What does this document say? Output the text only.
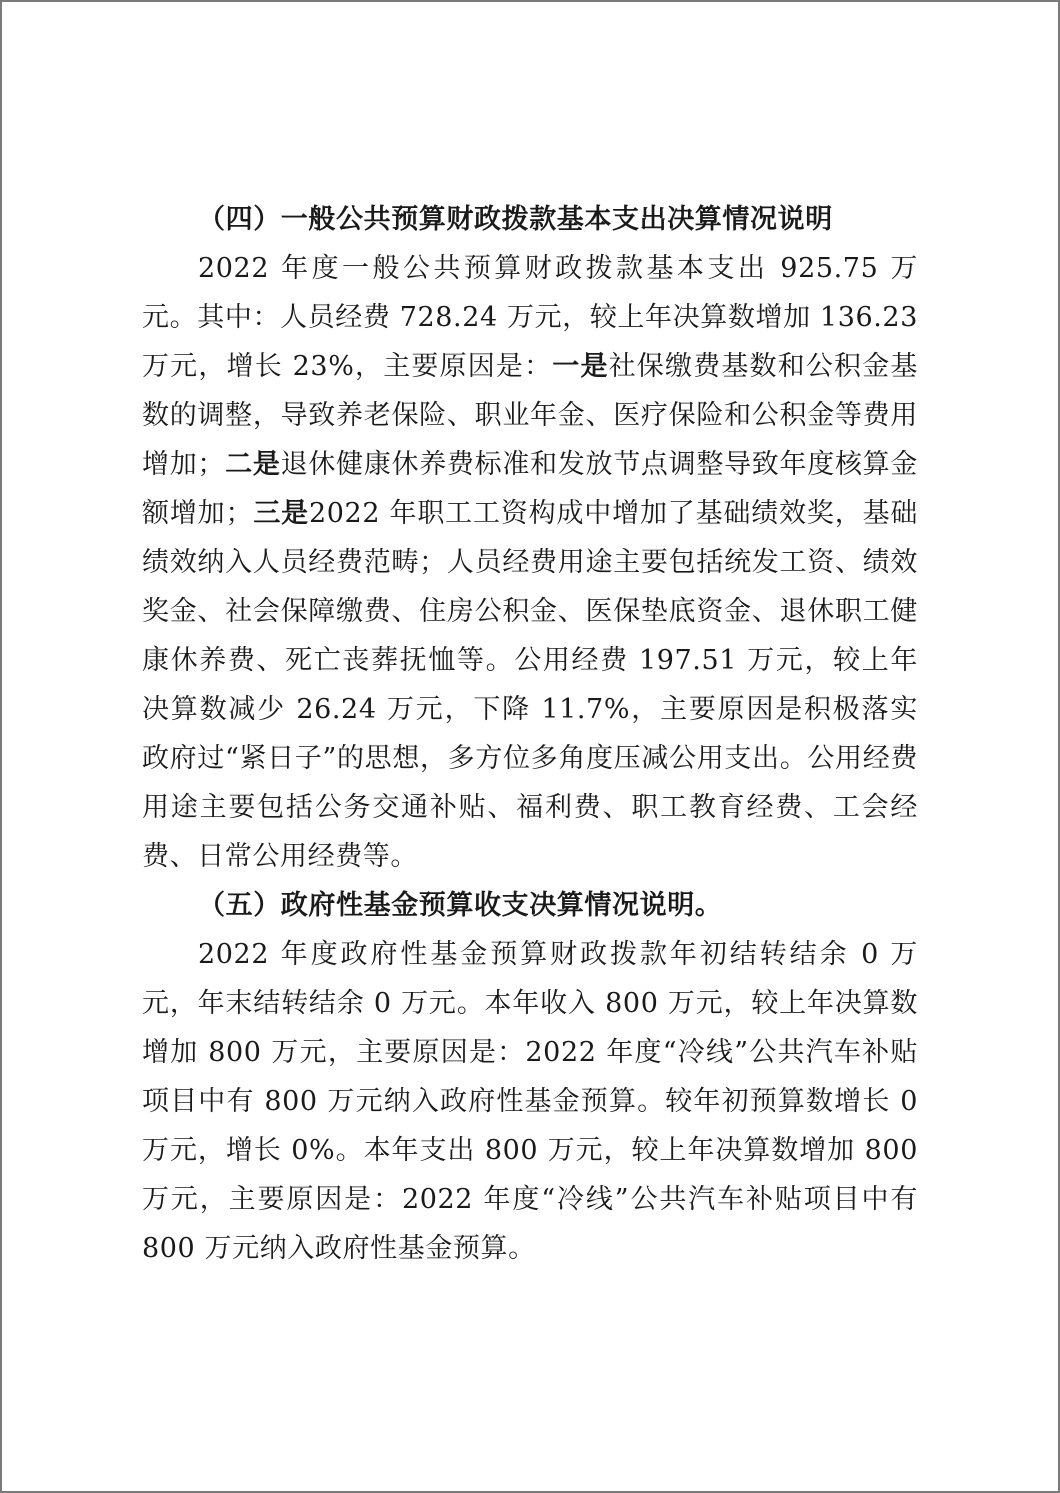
（四）一般公共预算财政拨款基本支出决算情况说明

2022 年度一般公共预算财政拨款基本支出 925.75 万元。其中：人员经费 728.24 万元，较上年决算数增加 136.23 万元，增长 23%，主要原因是：一是社保缴费基数和公积金基数的调整，导致养老保险、职业年金、医疗保险和公积金等费用增加；二是退休健康休养费标准和发放节点调整导致年度核算金额增加；三是2022 年职工工资构成中增加了基础绩效奖，基础绩效纳入人员经费范畴；人员经费用途主要包括统发工资、绩效奖金、社会保障缴费、住房公积金、医保垫底资金、退休职工健康休养费、死亡丧葬抚恤等。公用经费 197.51 万元，较上年决算数减少 26.24 万元，下降 11.7%，主要原因是积极落实政府过“紧日子”的思想，多方位多角度压减公用支出。公用经费用途主要包括公务交通补贴、福利费、职工教育经费、工会经费、日常公用经费等。

（五）政府性基金预算收支决算情况说明。

2022 年度政府性基金预算财政拨款年初结转结余 0 万元，年末结转结余 0 万元。本年收入 800 万元，较上年决算数增加 800 万元，主要原因是：2022 年度“冷线”公共汽车补贴项目中有 800 万元纳入政府性基金预算。较年初预算数增长 0 万元，增长 0%。本年支出 800 万元，较上年决算数增加 800 万元，主要原因是：2022 年度“冷线”公共汽车补贴项目中有 800 万元纳入政府性基金预算。
